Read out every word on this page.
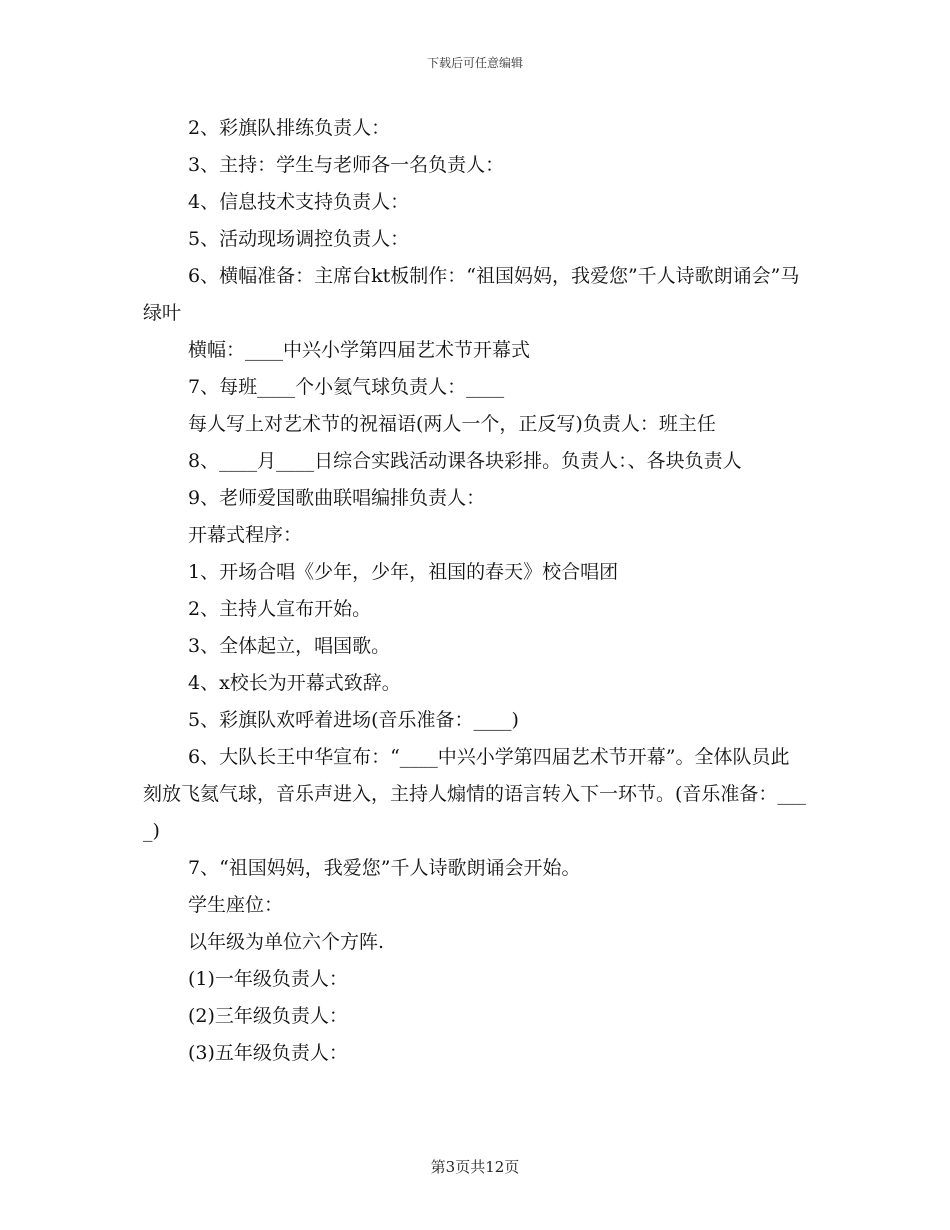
下载后可任意编辑

2、彩旗队排练负责人：

3、主持：学生与老师各一名负责人：

4、信息技术支持负责人：

5、活动现场调控负责人：

6、横幅准备：主席台kt板制作：“祖国妈妈，我爱您”千人诗歌朗诵会”马绿叶

横幅：____中兴小学第四届艺术节开幕式

7、每班____个小氦气球负责人：____

每人写上对艺术节的祝福语(两人一个，正反写)负责人：班主任

8、____月____日综合实践活动课各块彩排。负责人：、各块负责人

9、老师爱国歌曲联唱编排负责人：

开幕式程序：

1、开场合唱《少年，少年，祖国的春天》校合唱团

2、主持人宣布开始。

3、全体起立，唱国歌。

4、x校长为开幕式致辞。

5、彩旗队欢呼着进场(音乐准备：____)

6、大队长王中华宣布：“____中兴小学第四届艺术节开幕”。全体队员此刻放飞氦气球，音乐声进入，主持人煽情的语言转入下一环节。(音乐准备：____)

7、“祖国妈妈，我爱您”千人诗歌朗诵会开始。

学生座位：

以年级为单位六个方阵.

(1)一年级负责人：

(2)三年级负责人：

(3)五年级负责人：

第3页共12页
